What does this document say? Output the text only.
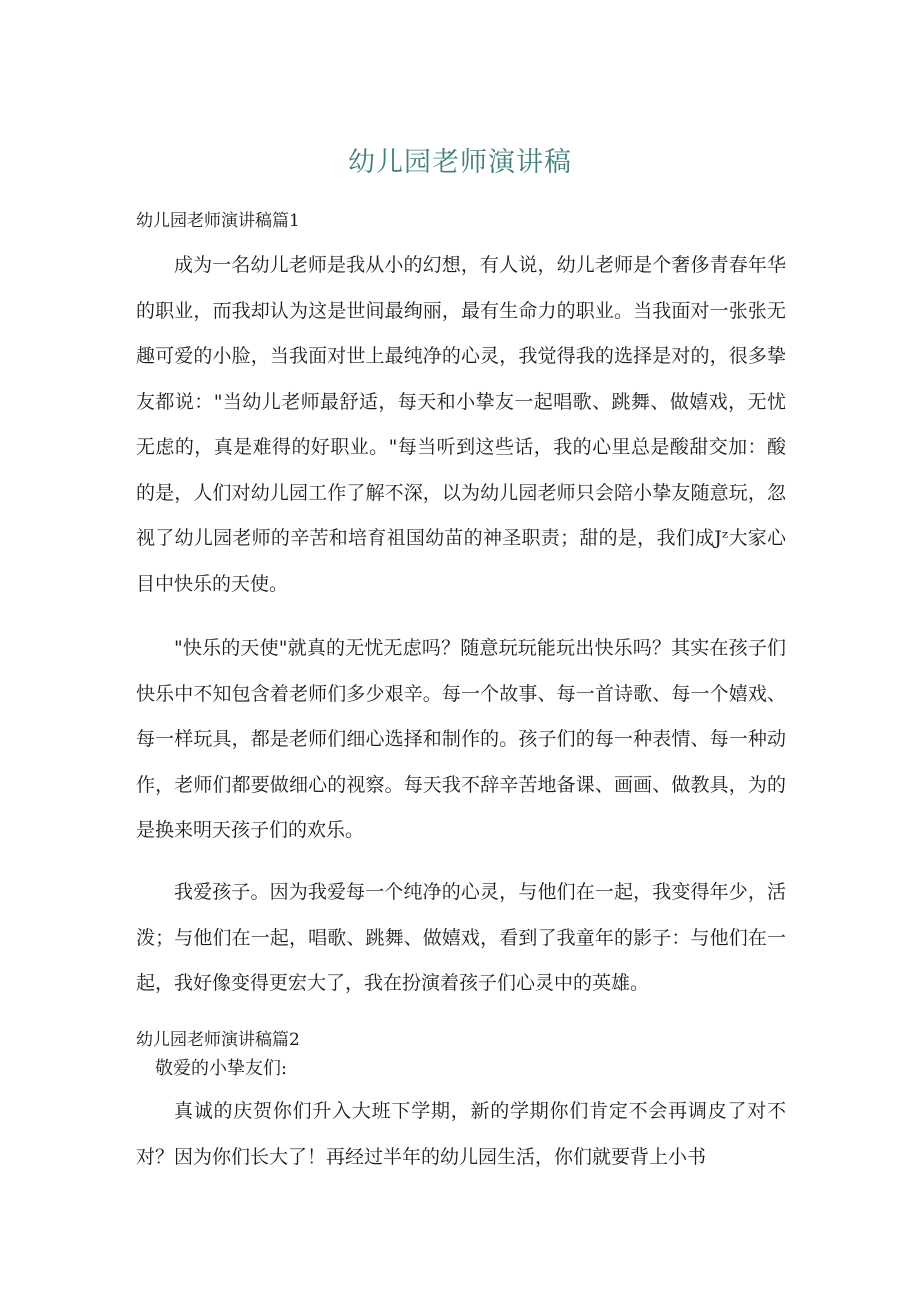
幼儿园老师演讲稿
幼儿园老师演讲稿篇1

成为一名幼儿老师是我从小的幻想，有人说，幼儿老师是个奢侈青春年华的职业，而我却认为这是世间最绚丽，最有生命力的职业。当我面对一张张无趣可爱的小脸，当我面对世上最纯净的心灵，我觉得我的选择是对的，很多挚友都说："当幼儿老师最舒适，每天和小挚友一起唱歌、跳舞、做嬉戏，无忧无虑的，真是难得的好职业。"每当听到这些话，我的心里总是酸甜交加：酸的是，人们对幼儿园工作了解不深，以为幼儿园老师只会陪小挚友随意玩，忽视了幼儿园老师的辛苦和培育祖国幼苗的神圣职责；甜的是，我们成Jᶻ大家心目中快乐的天使。

"快乐的天使"就真的无忧无虑吗？随意玩玩能玩出快乐吗？其实在孩子们快乐中不知包含着老师们多少艰辛。每一个故事、每一首诗歌、每一个嬉戏、每一样玩具，都是老师们细心选择和制作的。孩子们的每一种表情、每一种动作，老师们都要做细心的视察。每天我不辞辛苦地备课、画画、做教具，为的是换来明天孩子们的欢乐。

我爱孩子。因为我爱每一个纯净的心灵，与他们在一起，我变得年少，活泼；与他们在一起，唱歌、跳舞、做嬉戏，看到了我童年的影子：与他们在一起，我好像变得更宏大了，我在扮演着孩子们心灵中的英雄。

幼儿园老师演讲稿篇2

敬爱的小挚友们:

真诚的庆贺你们升入大班下学期，新的学期你们肯定不会再调皮了对不对？因为你们长大了！再经过半年的幼儿园生活，你们就要背上小书
